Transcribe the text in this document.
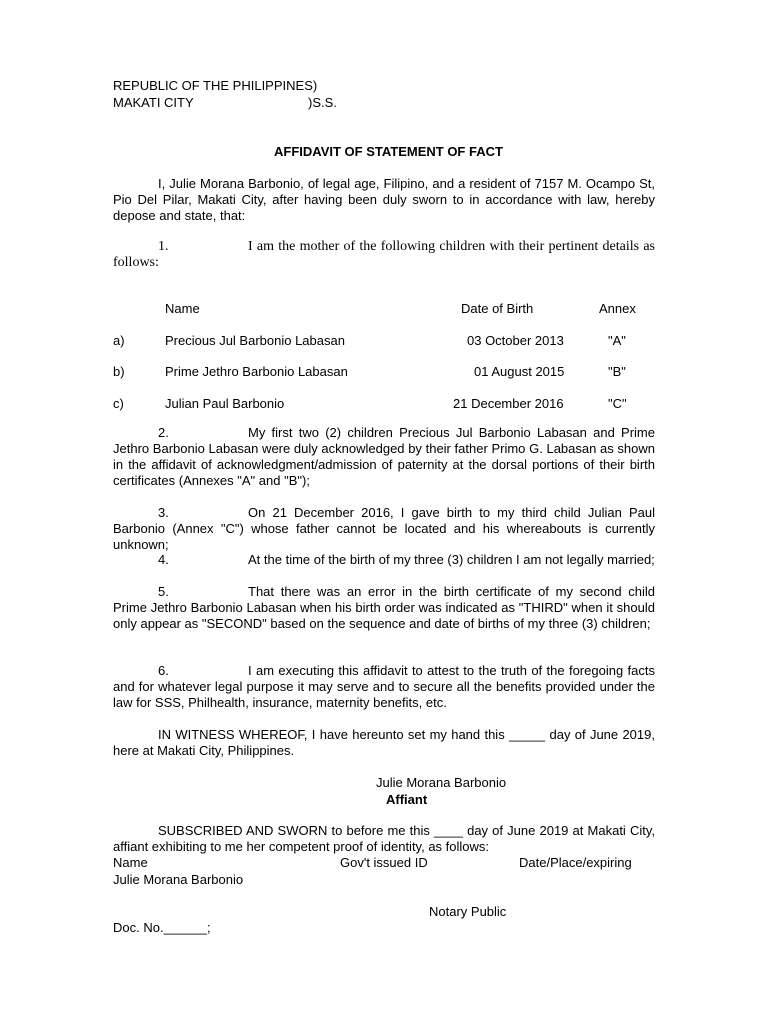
REPUBLIC OF THE PHILIPPINES)
MAKATI CITY	)S.S.
AFFIDAVIT OF STATEMENT OF FACT
I, Julie Morana Barbonio, of legal age, Filipino, and a resident of 7157 M. Ocampo St, Pio Del Pilar, Makati City, after having been duly sworn to in accordance with law, hereby depose and state, that:
1.	I am the mother of the following children with their pertinent details as follows:
Name	Date of Birth	Annex
a)	Precious Jul Barbonio Labasan	03 October 2013	"A"
b)	Prime Jethro Barbonio Labasan	01 August 2015	"B"
c)	Julian Paul Barbonio	21 December 2016	"C"
2.	My first two (2) children Precious Jul Barbonio Labasan and Prime Jethro Barbonio Labasan were duly acknowledged by their father Primo G. Labasan as shown in the affidavit of acknowledgment/admission of paternity at the dorsal portions of their birth certificates (Annexes "A" and "B");
3.	On 21 December 2016, I gave birth to my third child Julian Paul Barbonio (Annex "C") whose father cannot be located and his whereabouts is currently unknown;
4.	At the time of the birth of my three (3) children I am not legally married;
5.	That there was an error in the birth certificate of my second child Prime Jethro Barbonio Labasan when his birth order was indicated as "THIRD" when it should only appear as "SECOND" based on the sequence and date of births of my three (3) children;
6.	I am executing this affidavit to attest to the truth of the foregoing facts and for whatever legal purpose it may serve and to secure all the benefits provided under the law for SSS, Philhealth, insurance, maternity benefits, etc.
IN WITNESS WHEREOF, I have hereunto set my hand this _____ day of June 2019, here at Makati City, Philippines.
Julie Morana Barbonio
Affiant
SUBSCRIBED AND SWORN to before me this ____ day of June 2019 at Makati City, affiant exhibiting to me her competent proof of identity, as follows:
Name	Gov't issued ID	Date/Place/expiring
Julie Morana Barbonio
Notary Public
Doc. No.______;
